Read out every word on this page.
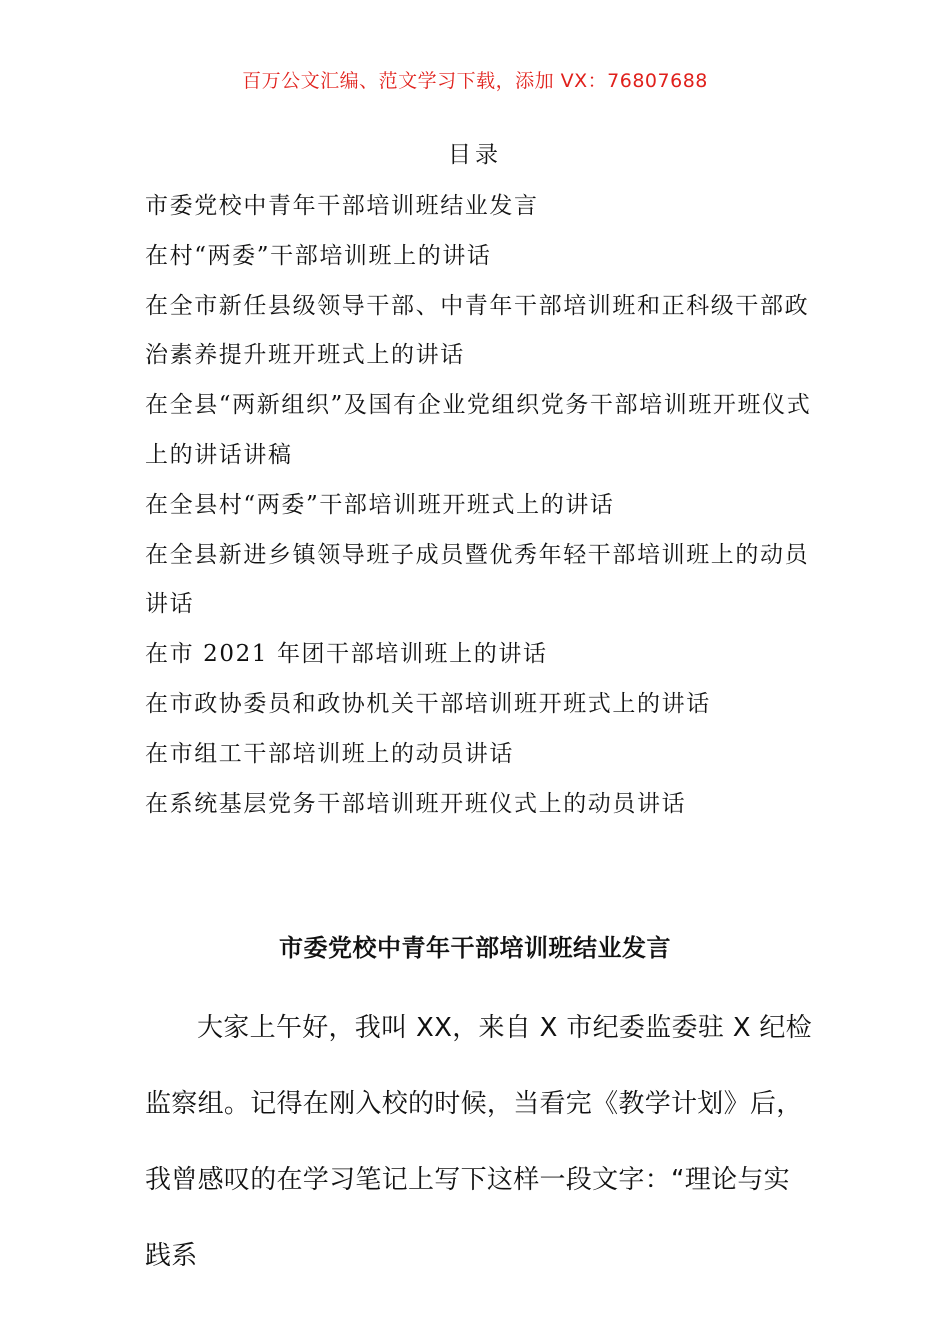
百万公文汇编、范文学习下载，添加 VX：76807688
目录
市委党校中青年干部培训班结业发言
在村“两委”干部培训班上的讲话
在全市新任县级领导干部、中青年干部培训班和正科级干部政治素养提升班开班式上的讲话
在全县“两新组织”及国有企业党组织党务干部培训班开班仪式上的讲话讲稿
在全县村“两委”干部培训班开班式上的讲话
在全县新进乡镇领导班子成员暨优秀年轻干部培训班上的动员讲话
在市 2021 年团干部培训班上的讲话
在市政协委员和政协机关干部培训班开班式上的讲话
在市组工干部培训班上的动员讲话
在系统基层党务干部培训班开班仪式上的动员讲话
市委党校中青年干部培训班结业发言

大家上午好，我叫 XX，来自 X 市纪委监委驻 X 纪检监察组。记得在刚入校的时候，当看完《教学计划》后，我曾感叹的在学习笔记上写下这样一段文字：“理论与实践系
